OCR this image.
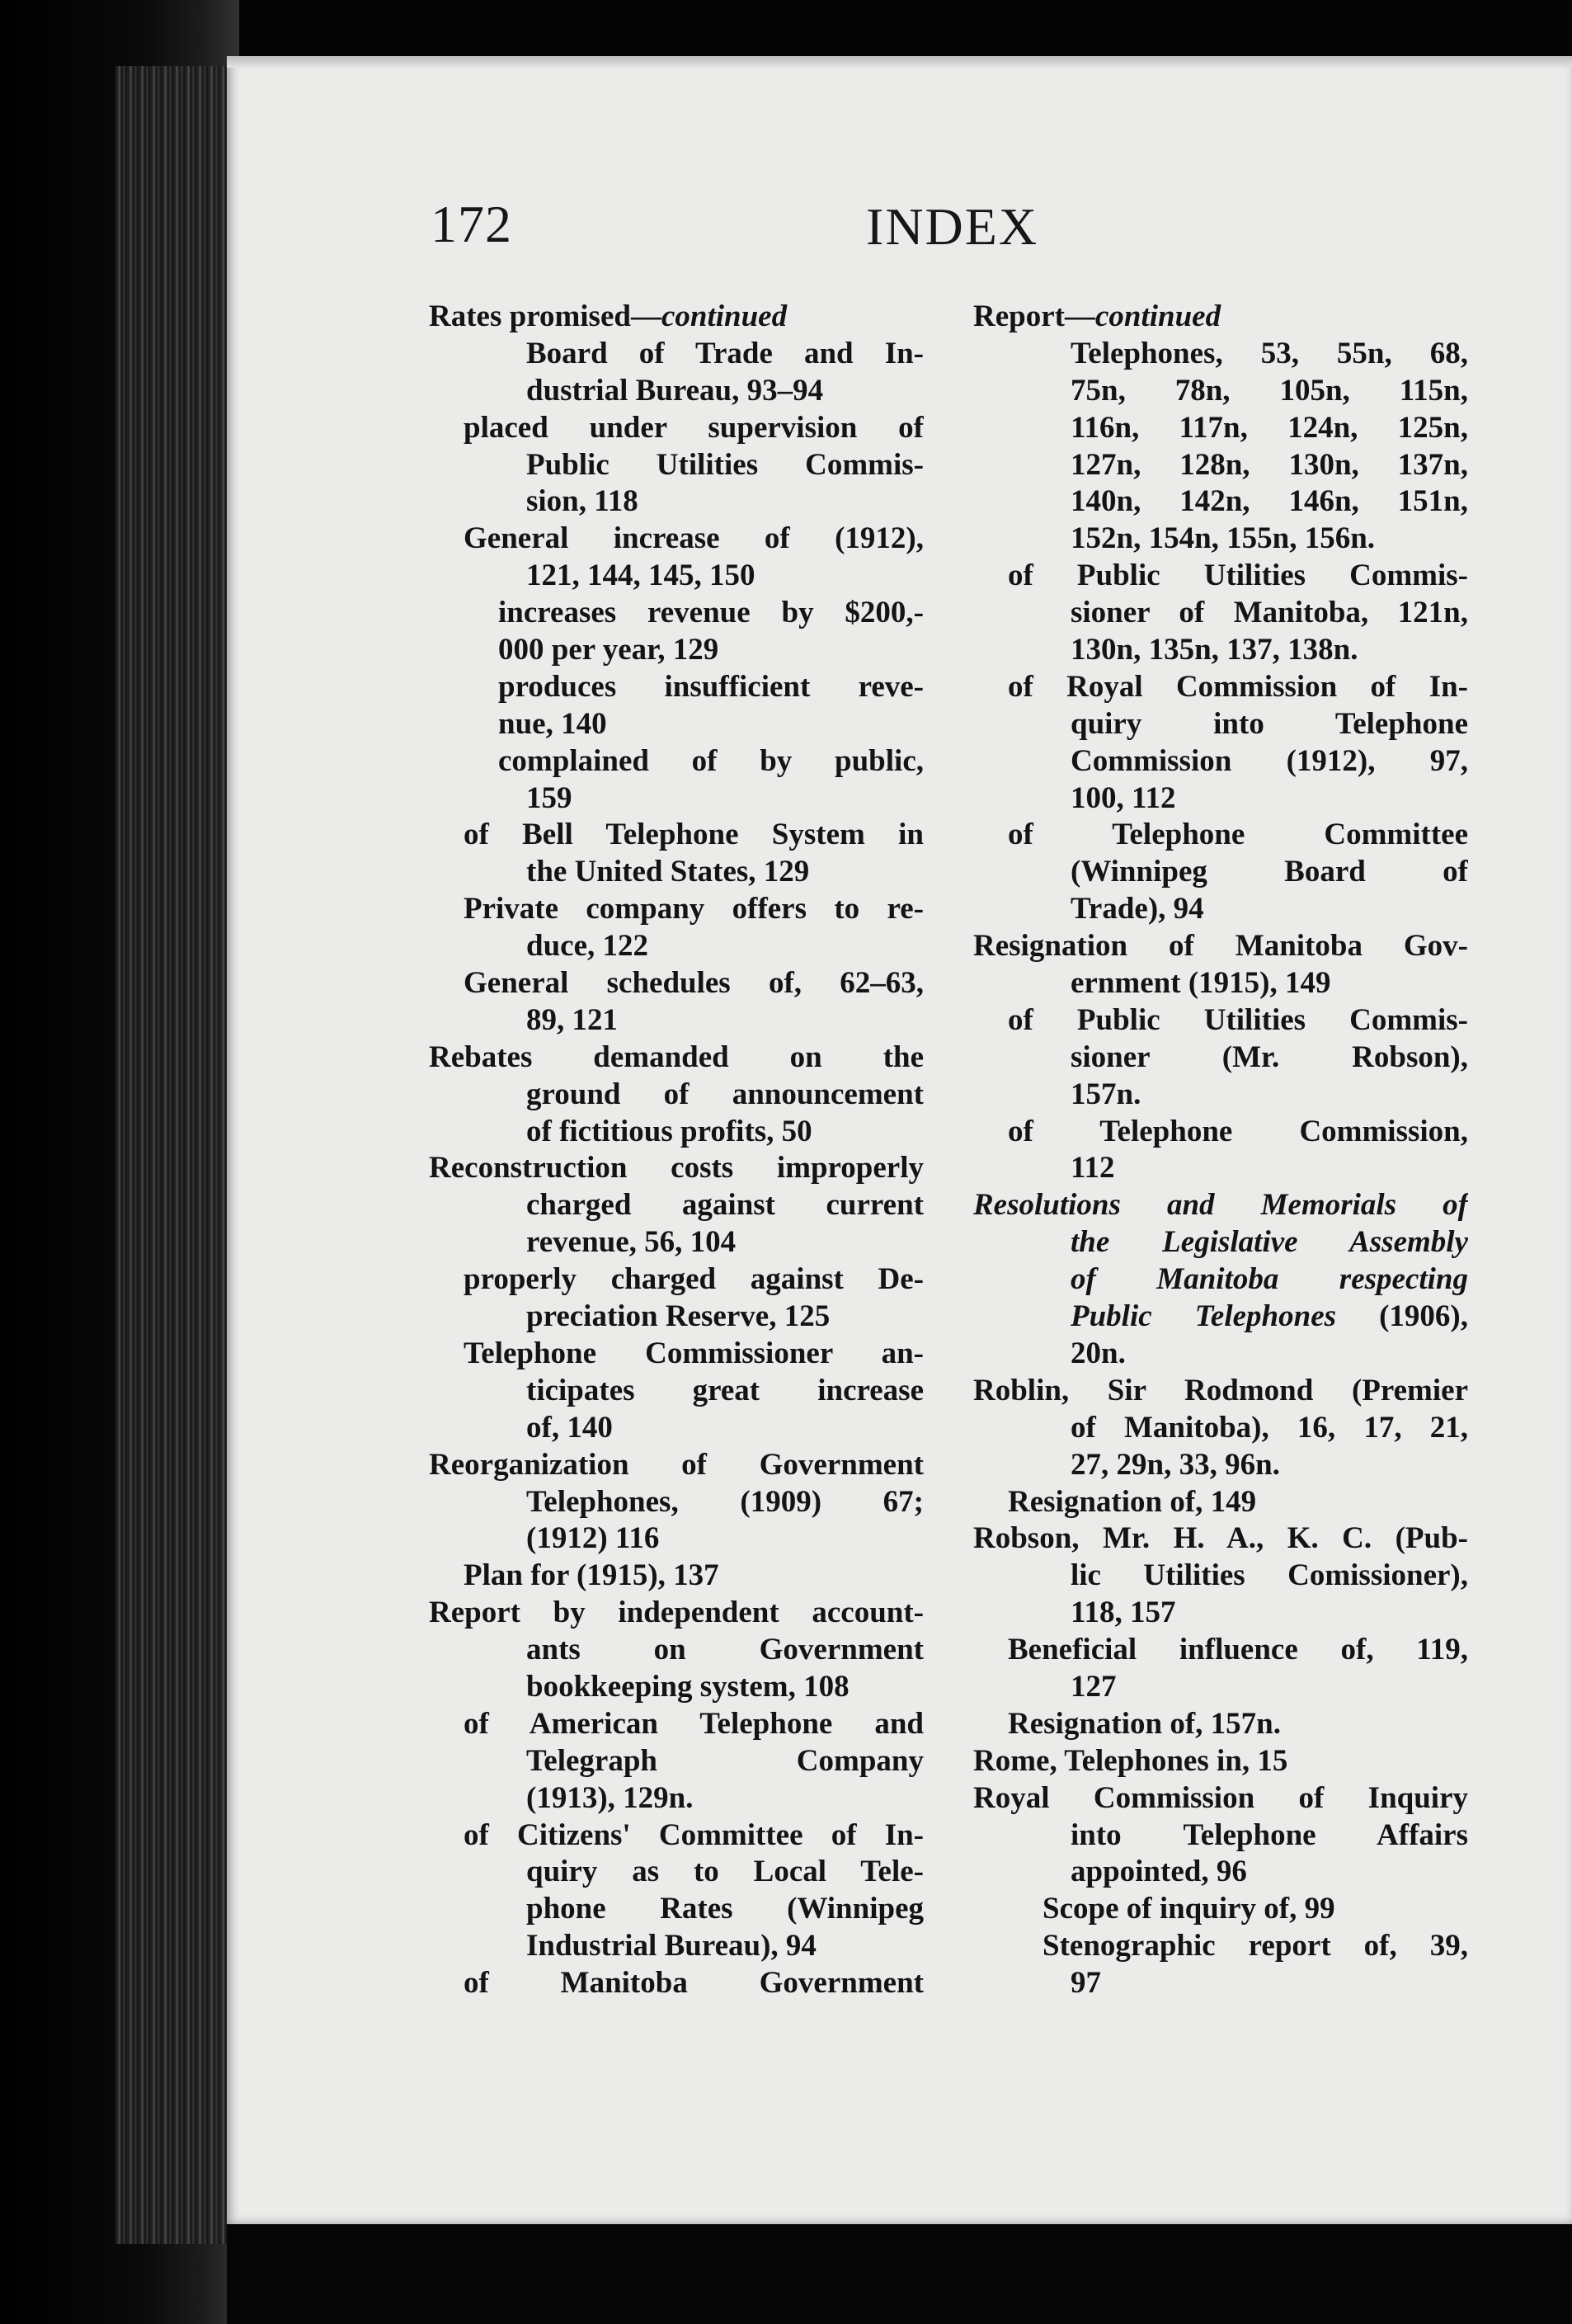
172	INDEX
Rates promised—continued
Board of Trade and In-
dustrial Bureau, 93–94
placed under supervision of
Public Utilities Commis-
sion, 118
General increase of (1912),
121, 144, 145, 150
increases revenue by $200,-
000 per year, 129
produces insufficient reve-
nue, 140
complained of by public,
159
of Bell Telephone System in
the United States, 129
Private company offers to re-
duce, 122
General schedules of, 62–63,
89, 121
Rebates demanded on the
ground of announcement
of fictitious profits, 50
Reconstruction costs improperly
charged against current
revenue, 56, 104
properly charged against De-
preciation Reserve, 125
Telephone Commissioner an-
ticipates great increase
of, 140
Reorganization of Government
Telephones, (1909) 67;
(1912) 116
Plan for (1915), 137
Report by independent account-
ants on Government
bookkeeping system, 108
of American Telephone and
Telegraph Company
(1913), 129n.
of Citizens' Committee of In-
quiry as to Local Tele-
phone Rates (Winnipeg
Industrial Bureau), 94
of Manitoba Government
Report—continued
Telephones, 53, 55n, 68,
75n, 78n, 105n, 115n,
116n, 117n, 124n, 125n,
127n, 128n, 130n, 137n,
140n, 142n, 146n, 151n,
152n, 154n, 155n, 156n.
of Public Utilities Commis-
sioner of Manitoba, 121n,
130n, 135n, 137, 138n.
of Royal Commission of In-
quiry into Telephone
Commission (1912), 97,
100, 112
of Telephone Committee
(Winnipeg Board of
Trade), 94
Resignation of Manitoba Gov-
ernment (1915), 149
of Public Utilities Commis-
sioner (Mr. Robson),
157n.
of Telephone Commission,
112
Resolutions and Memorials of
the Legislative Assembly
of Manitoba respecting
Public Telephones (1906),
20n.
Roblin, Sir Rodmond (Premier
of Manitoba), 16, 17, 21,
27, 29n, 33, 96n.
Resignation of, 149
Robson, Mr. H. A., K. C. (Pub-
lic Utilities Comissioner),
118, 157
Beneficial influence of, 119,
127
Resignation of, 157n.
Rome, Telephones in, 15
Royal Commission of Inquiry
into Telephone Affairs
appointed, 96
Scope of inquiry of, 99
Stenographic report of, 39,
97
